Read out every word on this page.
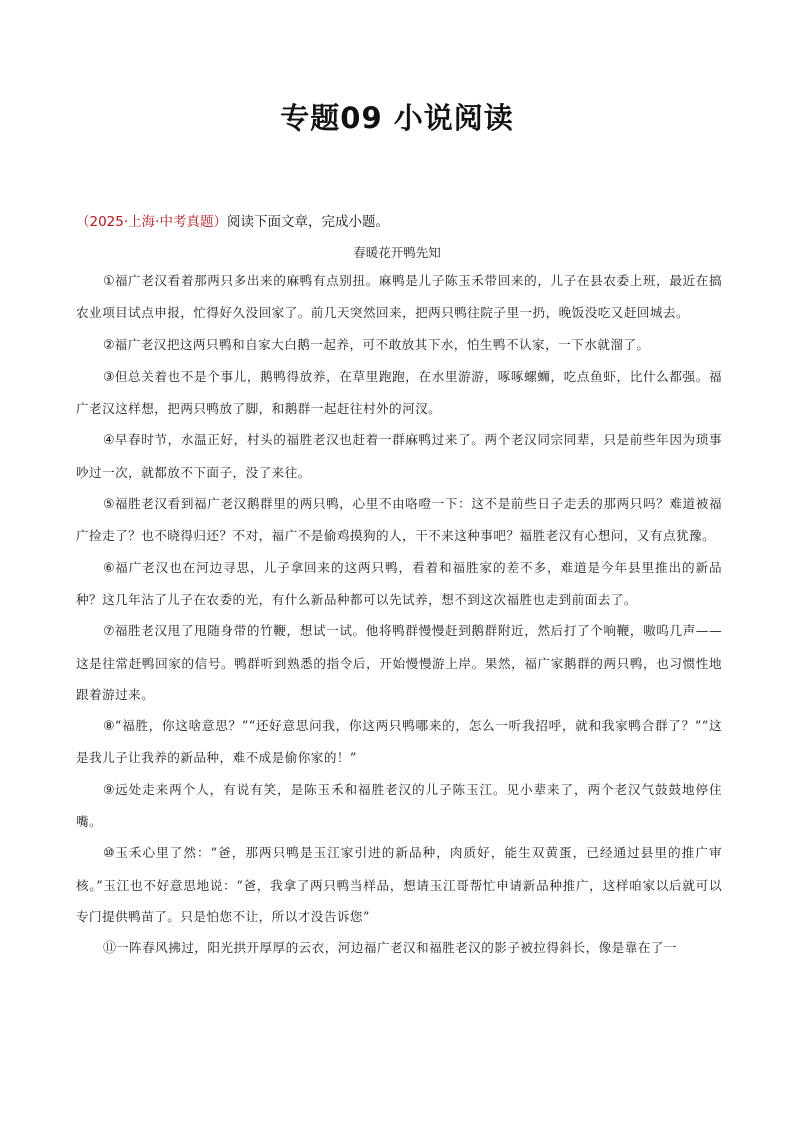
专题09 小说阅读
（2025·上海·中考真题）阅读下面文章，完成小题。
春暖花开鸭先知

①福广老汉看着那两只多出来的麻鸭有点别扭。麻鸭是儿子陈玉禾带回来的，儿子在县农委上班，最近在搞农业项目试点申报，忙得好久没回家了。前几天突然回来，把两只鸭往院子里一扔，晚饭没吃又赶回城去。

②福广老汉把这两只鸭和自家大白鹅一起养，可不敢放其下水，怕生鸭不认家，一下水就溜了。

③但总关着也不是个事儿，鹅鸭得放养，在草里跑跑，在水里游游，啄啄螺蛳，吃点鱼虾，比什么都强。福广老汉这样想，把两只鸭放了脚，和鹅群一起赶往村外的河汊。

④早春时节，水温正好，村头的福胜老汉也赶着一群麻鸭过来了。两个老汉同宗同辈，只是前些年因为琐事吵过一次，就都放不下面子，没了来往。

⑤福胜老汉看到福广老汉鹅群里的两只鸭，心里不由咯噔一下：这不是前些日子走丢的那两只吗？难道被福广捡走了？也不晓得归还？不对，福广不是偷鸡摸狗的人，干不来这种事吧？福胜老汉有心想问，又有点犹豫。

⑥福广老汉也在河边寻思，儿子拿回来的这两只鸭，看着和福胜家的差不多，难道是今年县里推出的新品种？这几年沾了儿子在农委的光，有什么新品种都可以先试养，想不到这次福胜也走到前面去了。

⑦福胜老汉甩了甩随身带的竹鞭，想试一试。他将鸭群慢慢赶到鹅群附近，然后打了个响鞭，嗷呜几声——这是往常赶鸭回家的信号。鸭群听到熟悉的指令后，开始慢慢游上岸。果然，福广家鹅群的两只鸭，也习惯性地跟着游过来。

⑧“福胜，你这啥意思？”“还好意思问我，你这两只鸭哪来的，怎么一听我招呼，就和我家鸭合群了？”“这是我儿子让我养的新品种，难不成是偷你家的！”

⑨远处走来两个人，有说有笑，是陈玉禾和福胜老汉的儿子陈玉江。见小辈来了，两个老汉气鼓鼓地停住嘴。

⑩玉禾心里了然：“爸，那两只鸭是玉江家引进的新品种，肉质好，能生双黄蛋，已经通过县里的推广审核。”玉江也不好意思地说：“爸，我拿了两只鸭当样品，想请玉江哥帮忙申请新品种推广，这样咱家以后就可以专门提供鸭苗了。只是怕您不让，所以才没告诉您”

⑪一阵春风拂过，阳光拱开厚厚的云衣，河边福广老汉和福胜老汉的影子被拉得斜长，像是靠在了一
